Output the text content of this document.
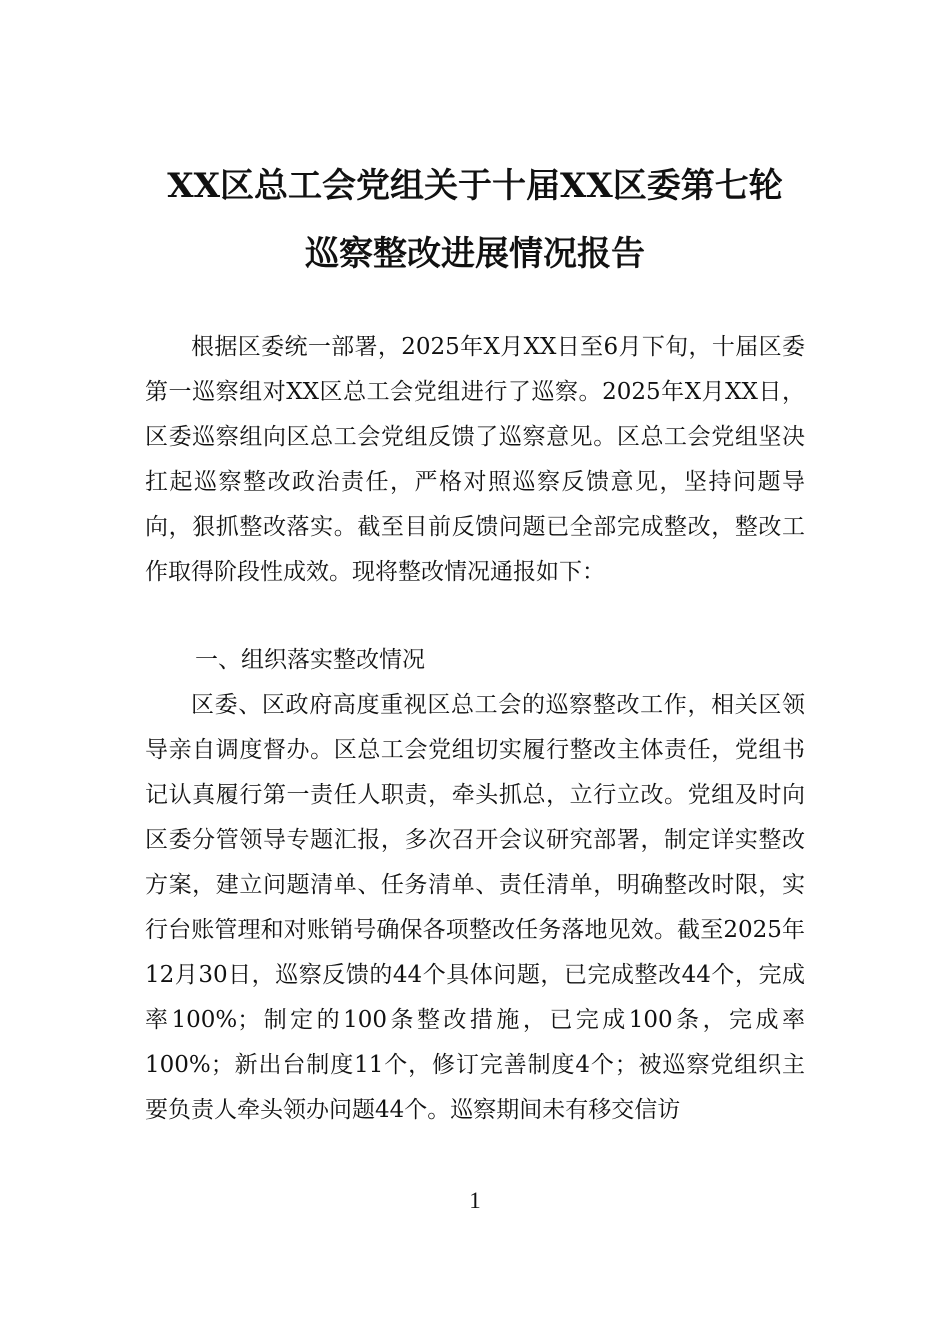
XX区总工会党组关于十届XX区委第七轮
巡察整改进展情况报告

根据区委统一部署，2025年X月XX日至6月下旬，十届区委第一巡察组对XX区总工会党组进行了巡察。2025年X月XX日，区委巡察组向区总工会党组反馈了巡察意见。区总工会党组坚决扛起巡察整改政治责任，严格对照巡察反馈意见，坚持问题导向，狠抓整改落实。截至目前反馈问题已全部完成整改，整改工作取得阶段性成效。现将整改情况通报如下：

一、组织落实整改情况

区委、区政府高度重视区总工会的巡察整改工作，相关区领导亲自调度督办。区总工会党组切实履行整改主体责任，党组书记认真履行第一责任人职责，牵头抓总，立行立改。党组及时向区委分管领导专题汇报，多次召开会议研究部署，制定详实整改方案，建立问题清单、任务清单、责任清单，明确整改时限，实行台账管理和对账销号确保各项整改任务落地见效。截至2025年12月30日，巡察反馈的44个具体问题，已完成整改44个，完成率100%；制定的100条整改措施，已完成100条，完成率100%；新出台制度11个，修订完善制度4个；被巡察党组织主要负责人牵头领办问题44个。巡察期间未有移交信访

1
